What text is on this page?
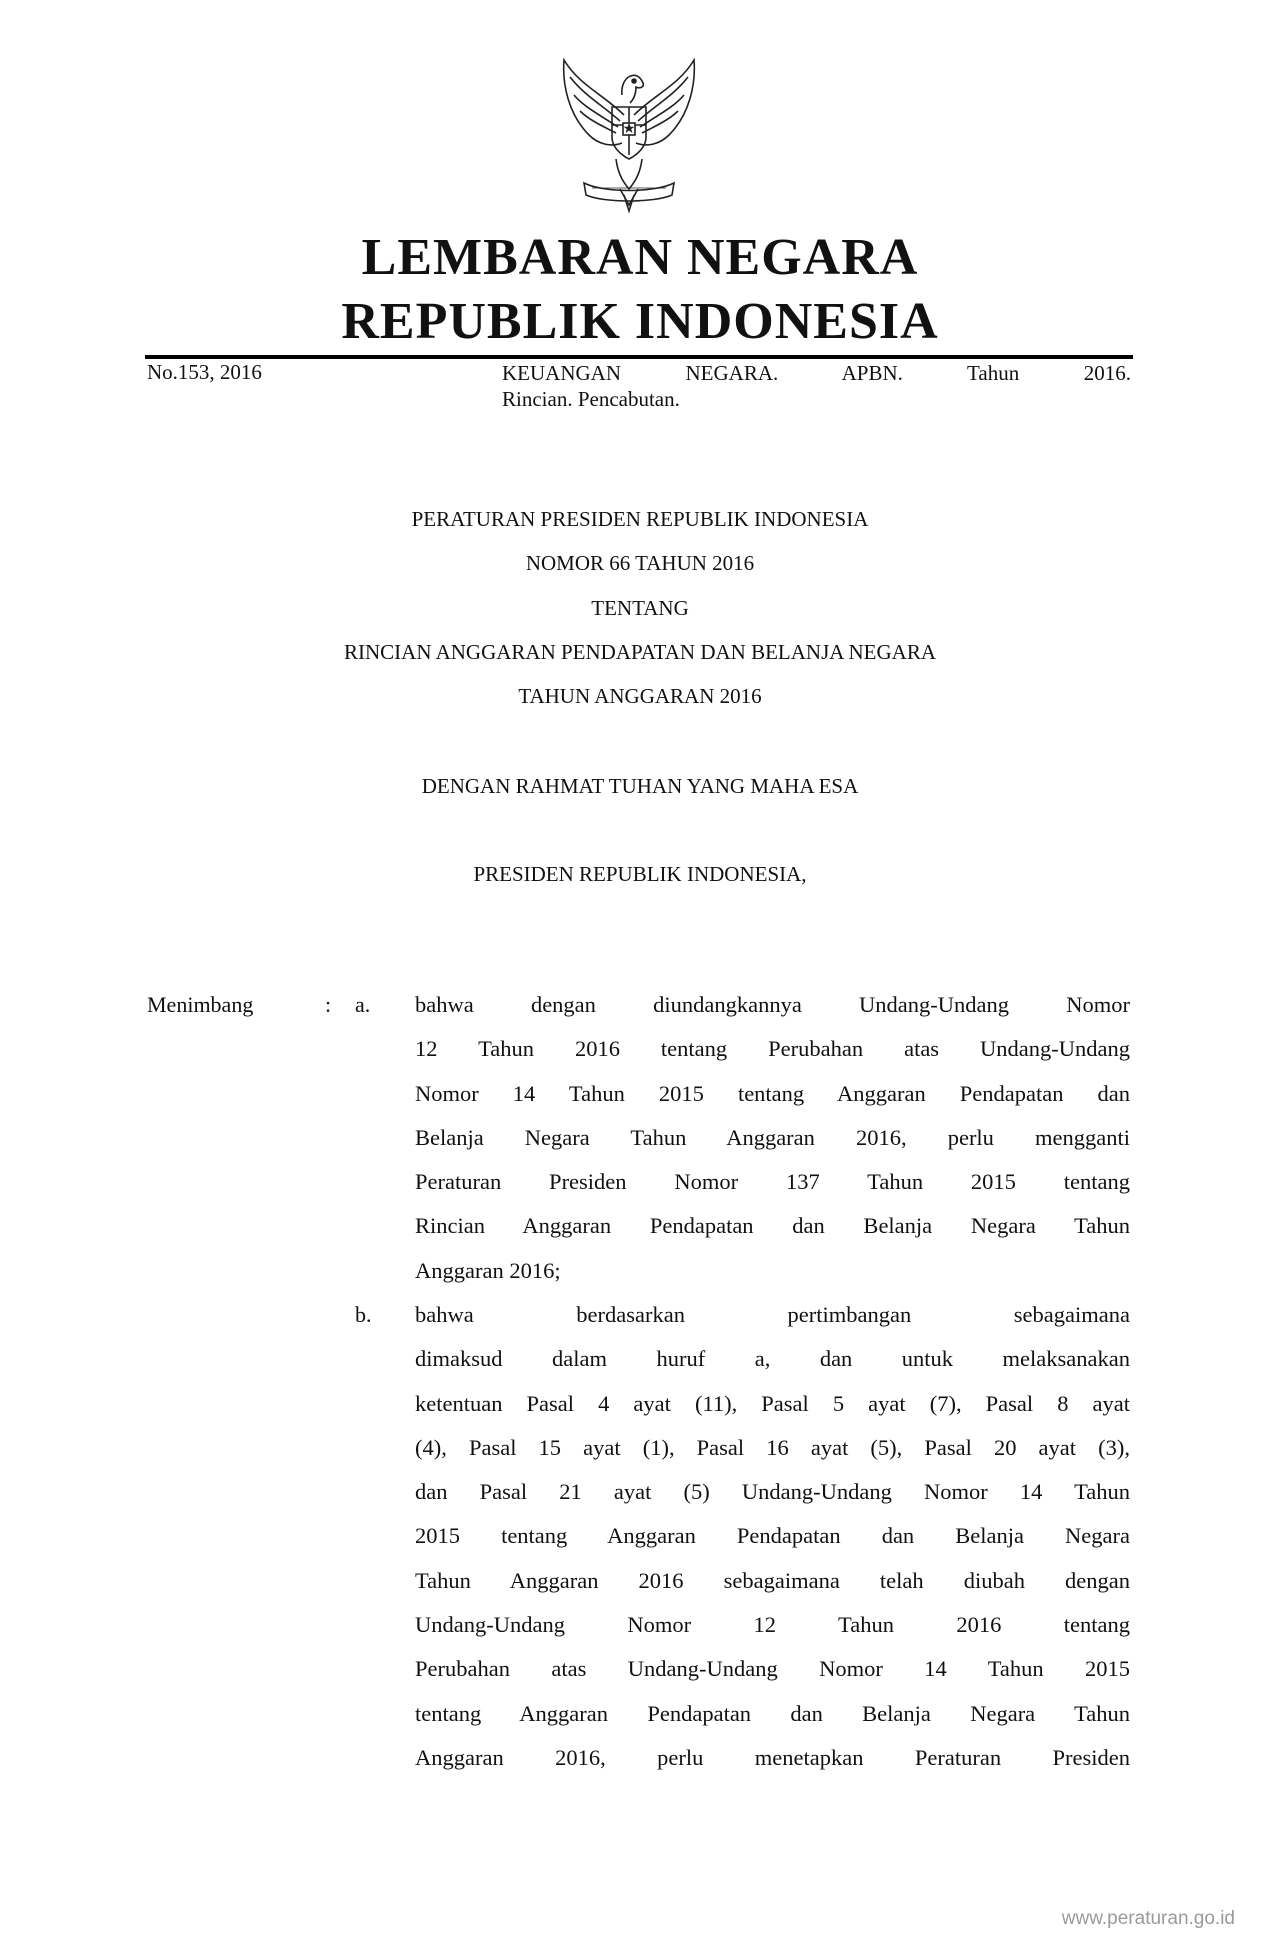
LEMBARAN NEGARA
REPUBLIK INDONESIA
No.153, 2016	KEUANGAN NEGARA. APBN. Tahun 2016.
Rincian. Pencabutan.
PERATURAN PRESIDEN REPUBLIK INDONESIA
NOMOR 66 TAHUN 2016
TENTANG
RINCIAN ANGGARAN PENDAPATAN DAN BELANJA NEGARA
TAHUN ANGGARAN 2016
DENGAN RAHMAT TUHAN YANG MAHA ESA
PRESIDEN REPUBLIK INDONESIA,
Menimbang	: a. bahwa dengan diundangkannya Undang-Undang Nomor
12 Tahun 2016 tentang Perubahan atas Undang-Undang
Nomor 14 Tahun 2015 tentang Anggaran Pendapatan dan
Belanja Negara Tahun Anggaran 2016, perlu mengganti
Peraturan Presiden Nomor 137 Tahun 2015 tentang
Rincian Anggaran Pendapatan dan Belanja Negara Tahun
Anggaran 2016;
b. bahwa berdasarkan pertimbangan sebagaimana
dimaksud dalam huruf a, dan untuk melaksanakan
ketentuan Pasal 4 ayat (11), Pasal 5 ayat (7), Pasal 8 ayat
(4), Pasal 15 ayat (1), Pasal 16 ayat (5), Pasal 20 ayat (3),
dan Pasal 21 ayat (5) Undang-Undang Nomor 14 Tahun
2015 tentang Anggaran Pendapatan dan Belanja Negara
Tahun Anggaran 2016 sebagaimana telah diubah dengan
Undang-Undang Nomor 12 Tahun 2016 tentang
Perubahan atas Undang-Undang Nomor 14 Tahun 2015
tentang Anggaran Pendapatan dan Belanja Negara Tahun
Anggaran 2016, perlu menetapkan Peraturan Presiden
www.peraturan.go.id
